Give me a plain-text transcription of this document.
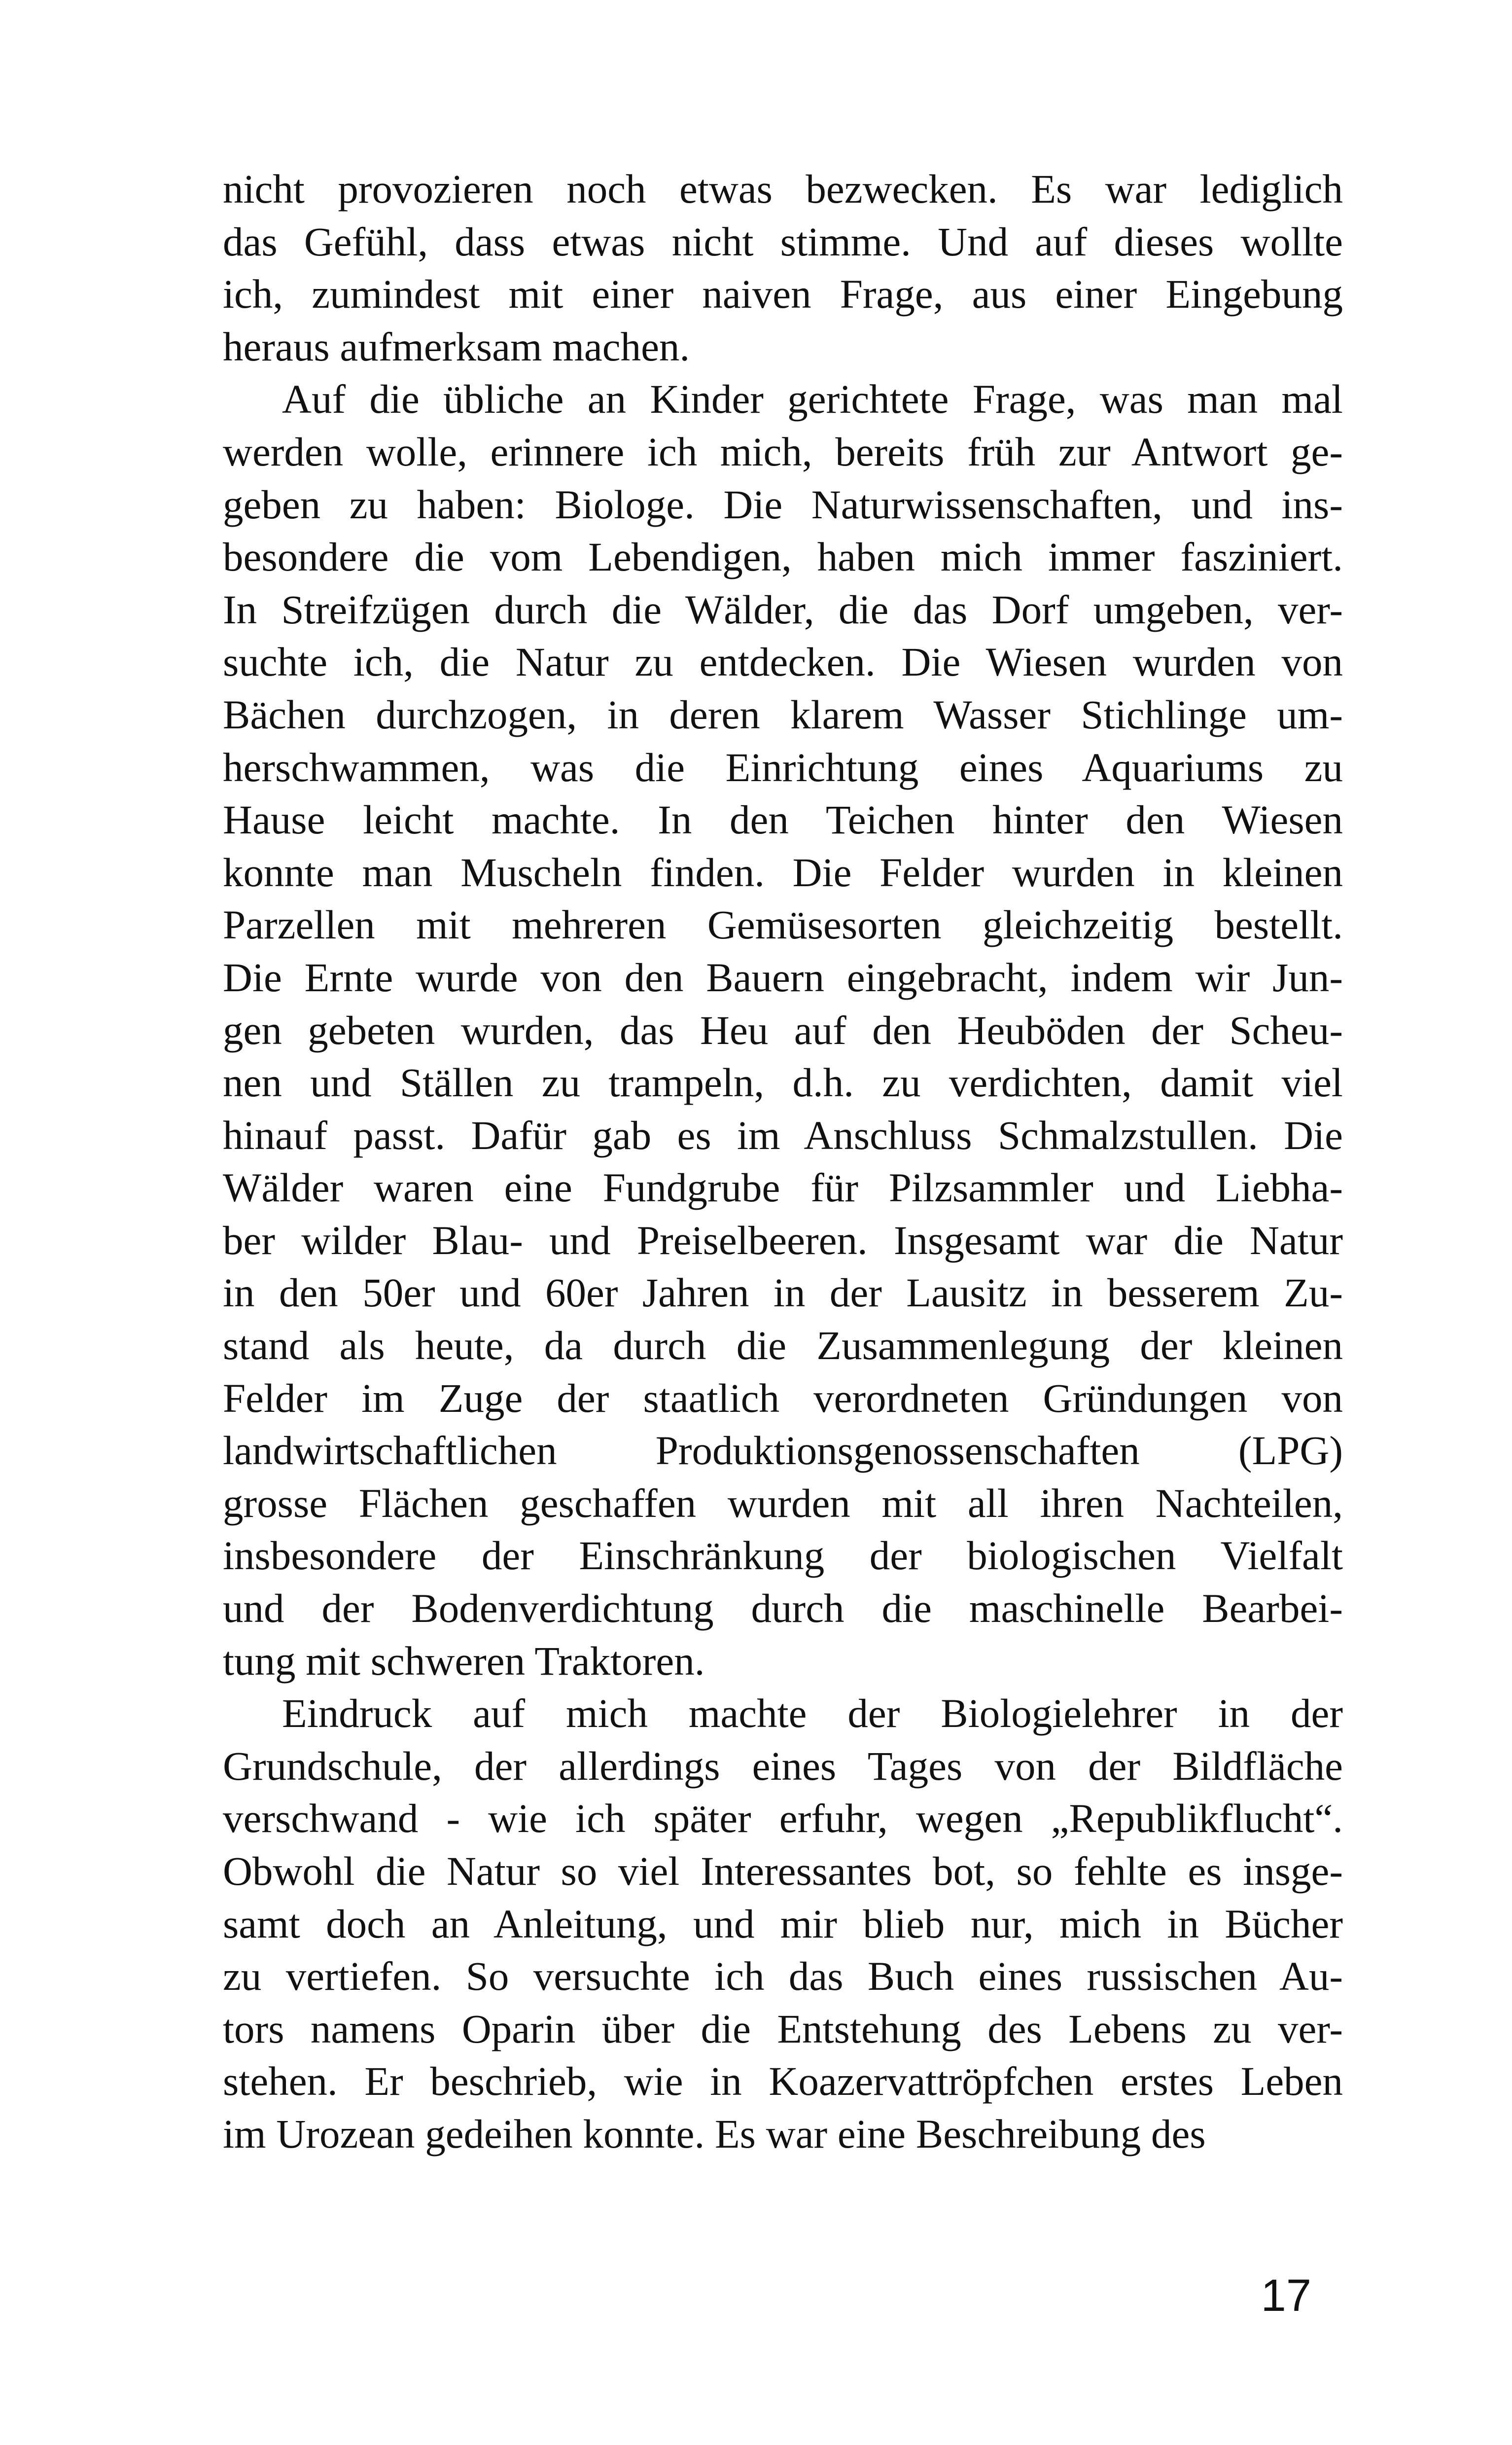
nicht provozieren noch etwas bezwecken. Es war lediglich
das Gefühl, dass etwas nicht stimme. Und auf dieses wollte
ich, zumindest mit einer naiven Frage, aus einer Eingebung
heraus aufmerksam machen.
Auf die übliche an Kinder gerichtete Frage, was man mal
werden wolle, erinnere ich mich, bereits früh zur Antwort ge-
geben zu haben: Biologe. Die Naturwissenschaften, und ins-
besondere die vom Lebendigen, haben mich immer fasziniert.
In Streifzügen durch die Wälder, die das Dorf umgeben, ver-
suchte ich, die Natur zu entdecken. Die Wiesen wurden von
Bächen durchzogen, in deren klarem Wasser Stichlinge um-
herschwammen, was die Einrichtung eines Aquariums zu
Hause leicht machte. In den Teichen hinter den Wiesen
konnte man Muscheln finden. Die Felder wurden in kleinen
Parzellen mit mehreren Gemüsesorten gleichzeitig bestellt.
Die Ernte wurde von den Bauern eingebracht, indem wir Jun-
gen gebeten wurden, das Heu auf den Heuböden der Scheu-
nen und Ställen zu trampeln, d.h. zu verdichten, damit viel
hinauf passt. Dafür gab es im Anschluss Schmalzstullen. Die
Wälder waren eine Fundgrube für Pilzsammler und Liebha-
ber wilder Blau- und Preiselbeeren. Insgesamt war die Natur
in den 50er und 60er Jahren in der Lausitz in besserem Zu-
stand als heute, da durch die Zusammenlegung der kleinen
Felder im Zuge der staatlich verordneten Gründungen von
landwirtschaftlichen Produktionsgenossenschaften (LPG)
grosse Flächen geschaffen wurden mit all ihren Nachteilen,
insbesondere der Einschränkung der biologischen Vielfalt
und der Bodenverdichtung durch die maschinelle Bearbei-
tung mit schweren Traktoren.
Eindruck auf mich machte der Biologielehrer in der
Grundschule, der allerdings eines Tages von der Bildfläche
verschwand - wie ich später erfuhr, wegen „Republikflucht“.
Obwohl die Natur so viel Interessantes bot, so fehlte es insge-
samt doch an Anleitung, und mir blieb nur, mich in Bücher
zu vertiefen. So versuchte ich das Buch eines russischen Au-
tors namens Oparin über die Entstehung des Lebens zu ver-
stehen. Er beschrieb, wie in Koazervattröpfchen erstes Leben
im Urozean gedeihen konnte. Es war eine Beschreibung des
17
